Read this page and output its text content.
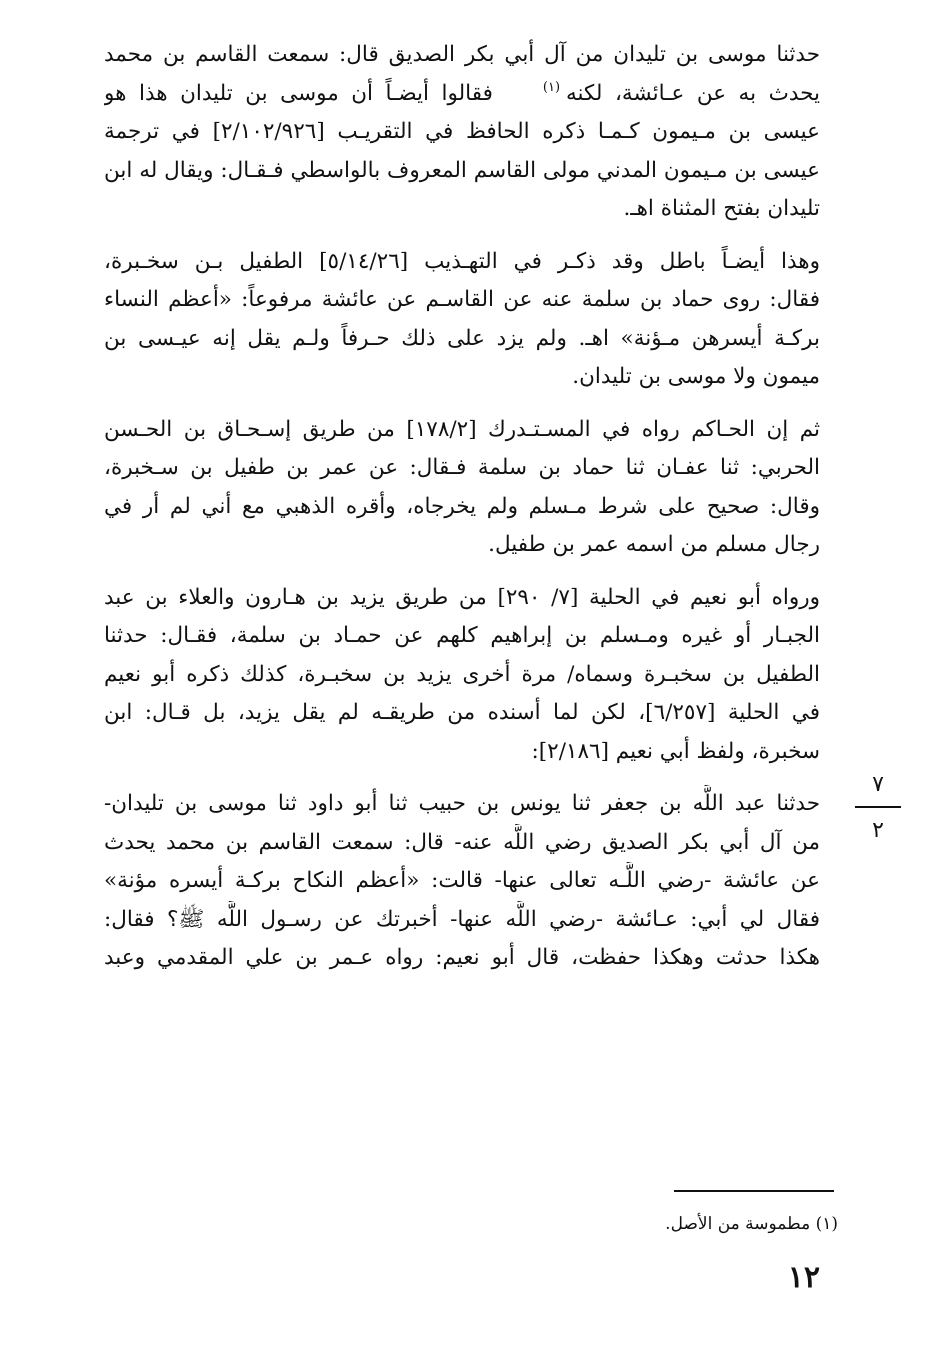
حدثنا موسى بن تليدان من آل أبي بكر الصديق قال: سمعت القاسم بن محمد
يحدث به عن عـائشة، لكنه$^{(١)}$فقالوا أيضـاً أن موسى بن تليدان هذا هو
عيسى بن مـيمون كـمـا ذكره الحافظ في التقريـب [٢/١٠٢/٩٢٦] في ترجمة
عيسى بن مـيمون المدني مولى القاسم المعروف بالواسطي فـقـال: ويقال له ابن
تليدان بفتح المثناة اهـ.
وهذا أيضـاً باطل وقد ذكـر في التهـذيب [٥/١٤/٢٦] الطفيل بـن سخـبرة،
فقال: روى حماد بن سلمة عنه عن القاسـم عن عائشة مرفوعاً: «أعظم النساء
بركـة أيسرهن مـؤنة» اهـ. ولم يزد على ذلك حـرفاً ولـم يقل إنه عيـسى بن
ميمون ولا موسى بن تليدان.
ثم إن الحـاكم رواه في المسـتـدرك [١٧٨/٢] من طريق إسـحـاق بن الحـسن
الحربي: ثنا عفـان ثنا حماد بن سلمة فـقال: عن عمر بن طفيل بن سـخبرة،
وقال: صحيح على شرط مـسلم ولم يخرجاه، وأقره الذهبي مع أني لم أر في
رجال مسلم من اسمه عمر بن طفيل.
ورواه أبو نعيم في الحلية [٧/ ٢٩٠] من طريق يزيد بن هـارون والعلاء بن عبد
الجبـار أو غيره ومـسلم بن إبراهيم كلهم عن حمـاد بن سلمة، فقـال: حدثنا
الطفيل بن سخبـرة وسماه/ مرة أخرى يزيد بن سخبـرة، كذلك ذكره أبو نعيم
في الحلية [٦/٢٥٧]، لكن لما أسنده من طريقـه لم يقل يزيد، بل قـال: ابن
سخبرة، ولفظ أبي نعيم [٢/١٨٦]:
حدثنا عبد اللَّه بن جعفر ثنا يونس بن حبيب ثنا أبو داود ثنا موسى بن تليدان-
من آل أبي بكر الصديق رضي اللَّه عنه- قال: سمعت القاسم بن محمد يحدث
عن عائشة -رضي اللَّـه تعالى عنها- قالت: «أعظم النكاح بركـة أيسره مؤنة»
فقال لي أبي: عـائشة -رضي اللَّه عنها- أخبرتك عن رسـول اللَّه ﷺ؟ فقال:
هكذا حدثت وهكذا حفظت، قال أبو نعيم: رواه عـمر بن علي المقدمي وعبد
٧
٢
(١) مطموسة من الأصل.
١٢
